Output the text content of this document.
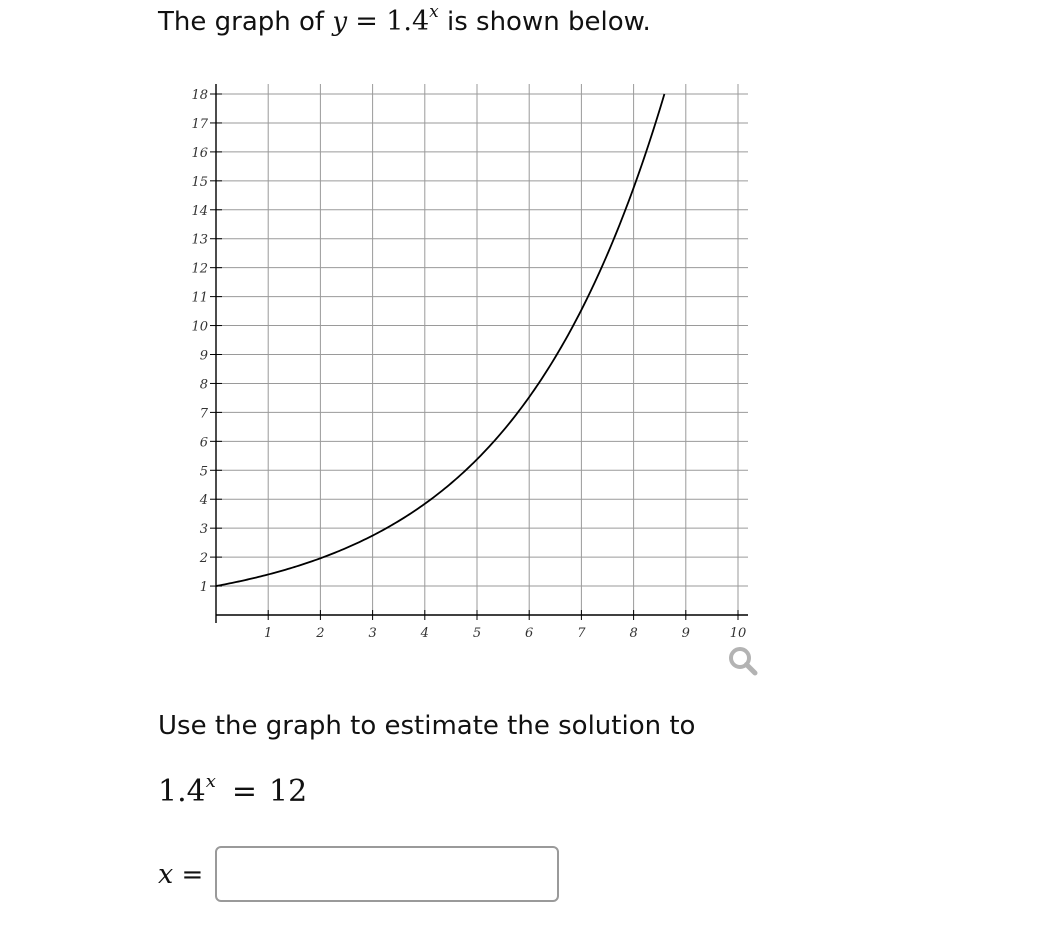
The graph of $y = 1.4^x$ is shown below.
1	2	3	4	5	6	7	8	9	10
1
2
3
4
5
6
7
8
9
10
11
12
13
14
15
16
17
18
Use the graph to estimate the solution to
$1.4^x = 12$
x =
